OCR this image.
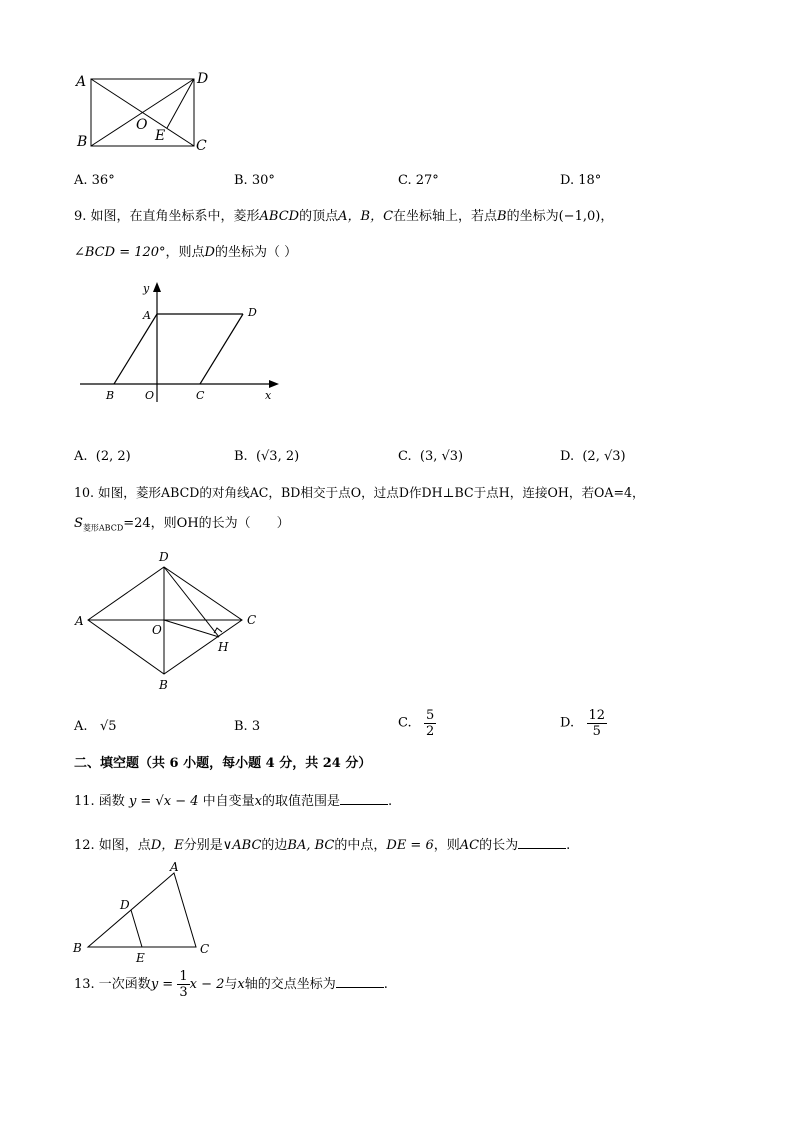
A	D
B	C
O
E
A. 36°	B. 30°	C. 27°	D. 18°
9. 如图，在直角坐标系中，菱形ABCD的顶点A，B，C在坐标轴上，若点B的坐标为(−1,0)，
∠BCD = 120°，则点D的坐标为（ ）
y
x
A	D
B	O	C
A. (2, 2)	B. (√3, 2)	C. (3, √3)	D. (2, √3)
10. 如图，菱形ABCD的对角线AC，BD相交于点O，过点D作DH⊥BC于点H，连接OH，若OA=4，
$S_{菱形ABCD}=24$，则OH的长为（　　）
D
A
O
C
H
B
A. √5	B. 3	C. $\frac{5}{2}$	D. $\frac{12}{5}$
二、填空题（共 6 小题，每小题 4 分，共 24 分）
11. 函数 y = √x − 4 中自变量x的取值范围是	.
12. 如图，点D，E分别是∨ABC的边BA, BC的中点，DE = 6，则AC的长为	.
A
D
B
E
C
13. 一次函数$y = \frac{1}{3}$ x − 2与x轴的交点坐标为	.
